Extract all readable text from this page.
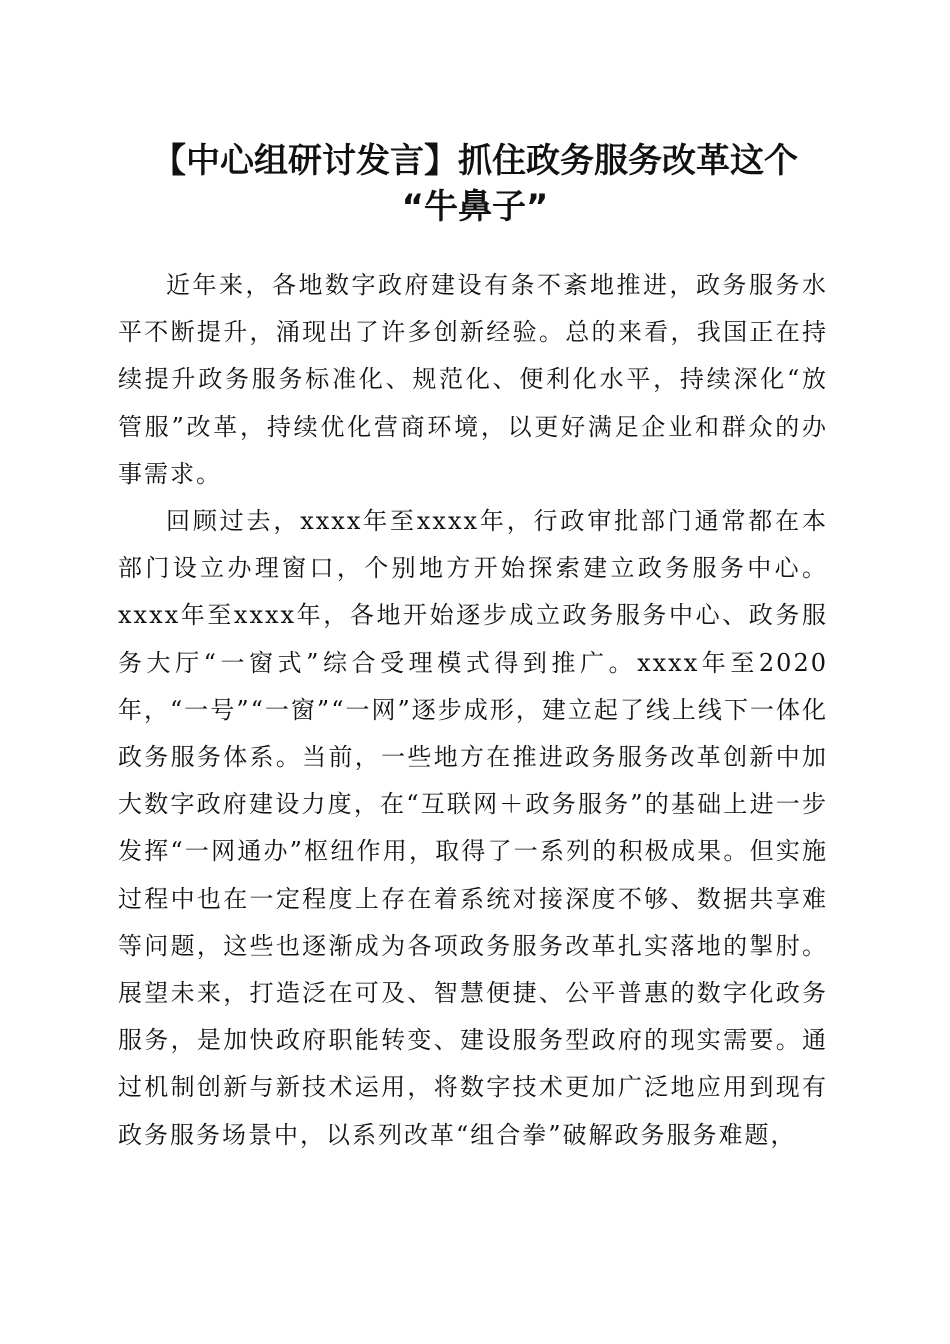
【中心组研讨发言】抓住政务服务改革这个
“牛鼻子”

近年来，各地数字政府建设有条不紊地推进，政务服务水平不断提升，涌现出了许多创新经验。总的来看，我国正在持续提升政务服务标准化、规范化、便利化水平，持续深化“放管服”改革，持续优化营商环境，以更好满足企业和群众的办事需求。

回顾过去，xxxx年至xxxx年，行政审批部门通常都在本部门设立办理窗口，个别地方开始探索建立政务服务中心。xxxx年至xxxx年，各地开始逐步成立政务服务中心、政务服务大厅“一窗式”综合受理模式得到推广。xxxx年至2020年，“一号”“一窗”“一网”逐步成形，建立起了线上线下一体化政务服务体系。当前，一些地方在推进政务服务改革创新中加大数字政府建设力度，在“互联网＋政务服务”的基础上进一步发挥“一网通办”枢纽作用，取得了一系列的积极成果。但实施过程中也在一定程度上存在着系统对接深度不够、数据共享难等问题，这些也逐渐成为各项政务服务改革扎实落地的掣肘。展望未来，打造泛在可及、智慧便捷、公平普惠的数字化政务服务，是加快政府职能转变、建设服务型政府的现实需要。通过机制创新与新技术运用，将数字技术更加广泛地应用到现有政务服务场景中，以系列改革“组合拳”破解政务服务难题，
